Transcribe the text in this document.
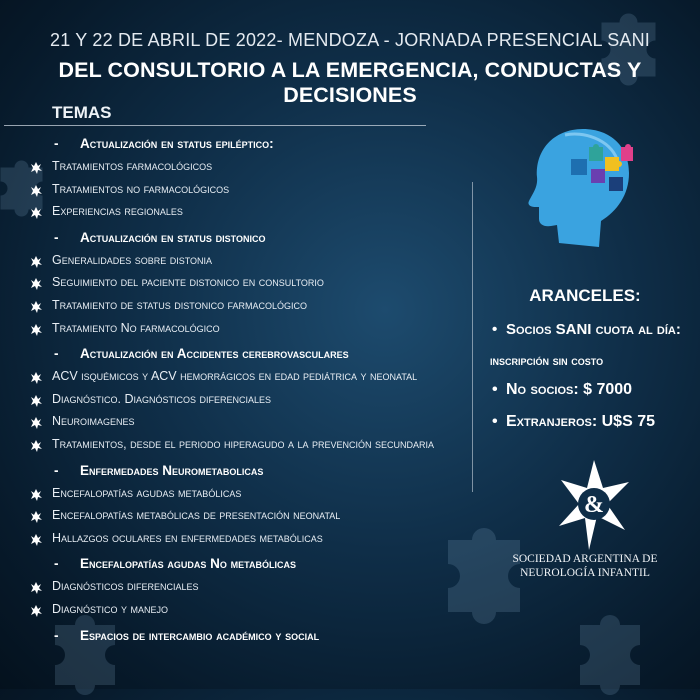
21 Y 22 DE ABRIL DE 2022- MENDOZA - JORNADA PRESENCIAL SANI
DEL CONSULTORIO A LA EMERGENCIA, CONDUCTAS Y DECISIONES
TEMAS
- Actualización en status epiléptico:
Tratamientos farmacológicos
Tratamientos no farmacológicos
Experiencias regionales
- Actualización en status distonico
Generalidades sobre distonia
Seguimiento del paciente distonico en consultorio
Tratamiento de status distonico farmacológico
Tratamiento No farmacológico
- Actualización en Accidentes cerebrovasculares
ACV isquémicos y ACV hemorrágicos en edad pediátrica y neonatal
Diagnóstico. Diagnósticos diferenciales
Neuroimagenes
Tratamientos, desde el periodo hiperagudo a la prevención secundaria
- Enfermedades Neurometabolicas
Encefalopatías agudas metabólicas
Encefalopatías metabólicas de presentación neonatal
Hallazgos oculares en enfermedades metabólicas
- Encefalopatías agudas No metabólicas
Diagnósticos diferenciales
Diagnóstico y manejo
- Espacios de intercambio académico y social
ARANCELES:
• Socios SANI cuota al día:
inscripción sin costo
• No socios: $ 7000
• Extranjeros: U$S 75
&
SOCIEDAD ARGENTINA DE
NEUROLOGÍA INFANTIL
